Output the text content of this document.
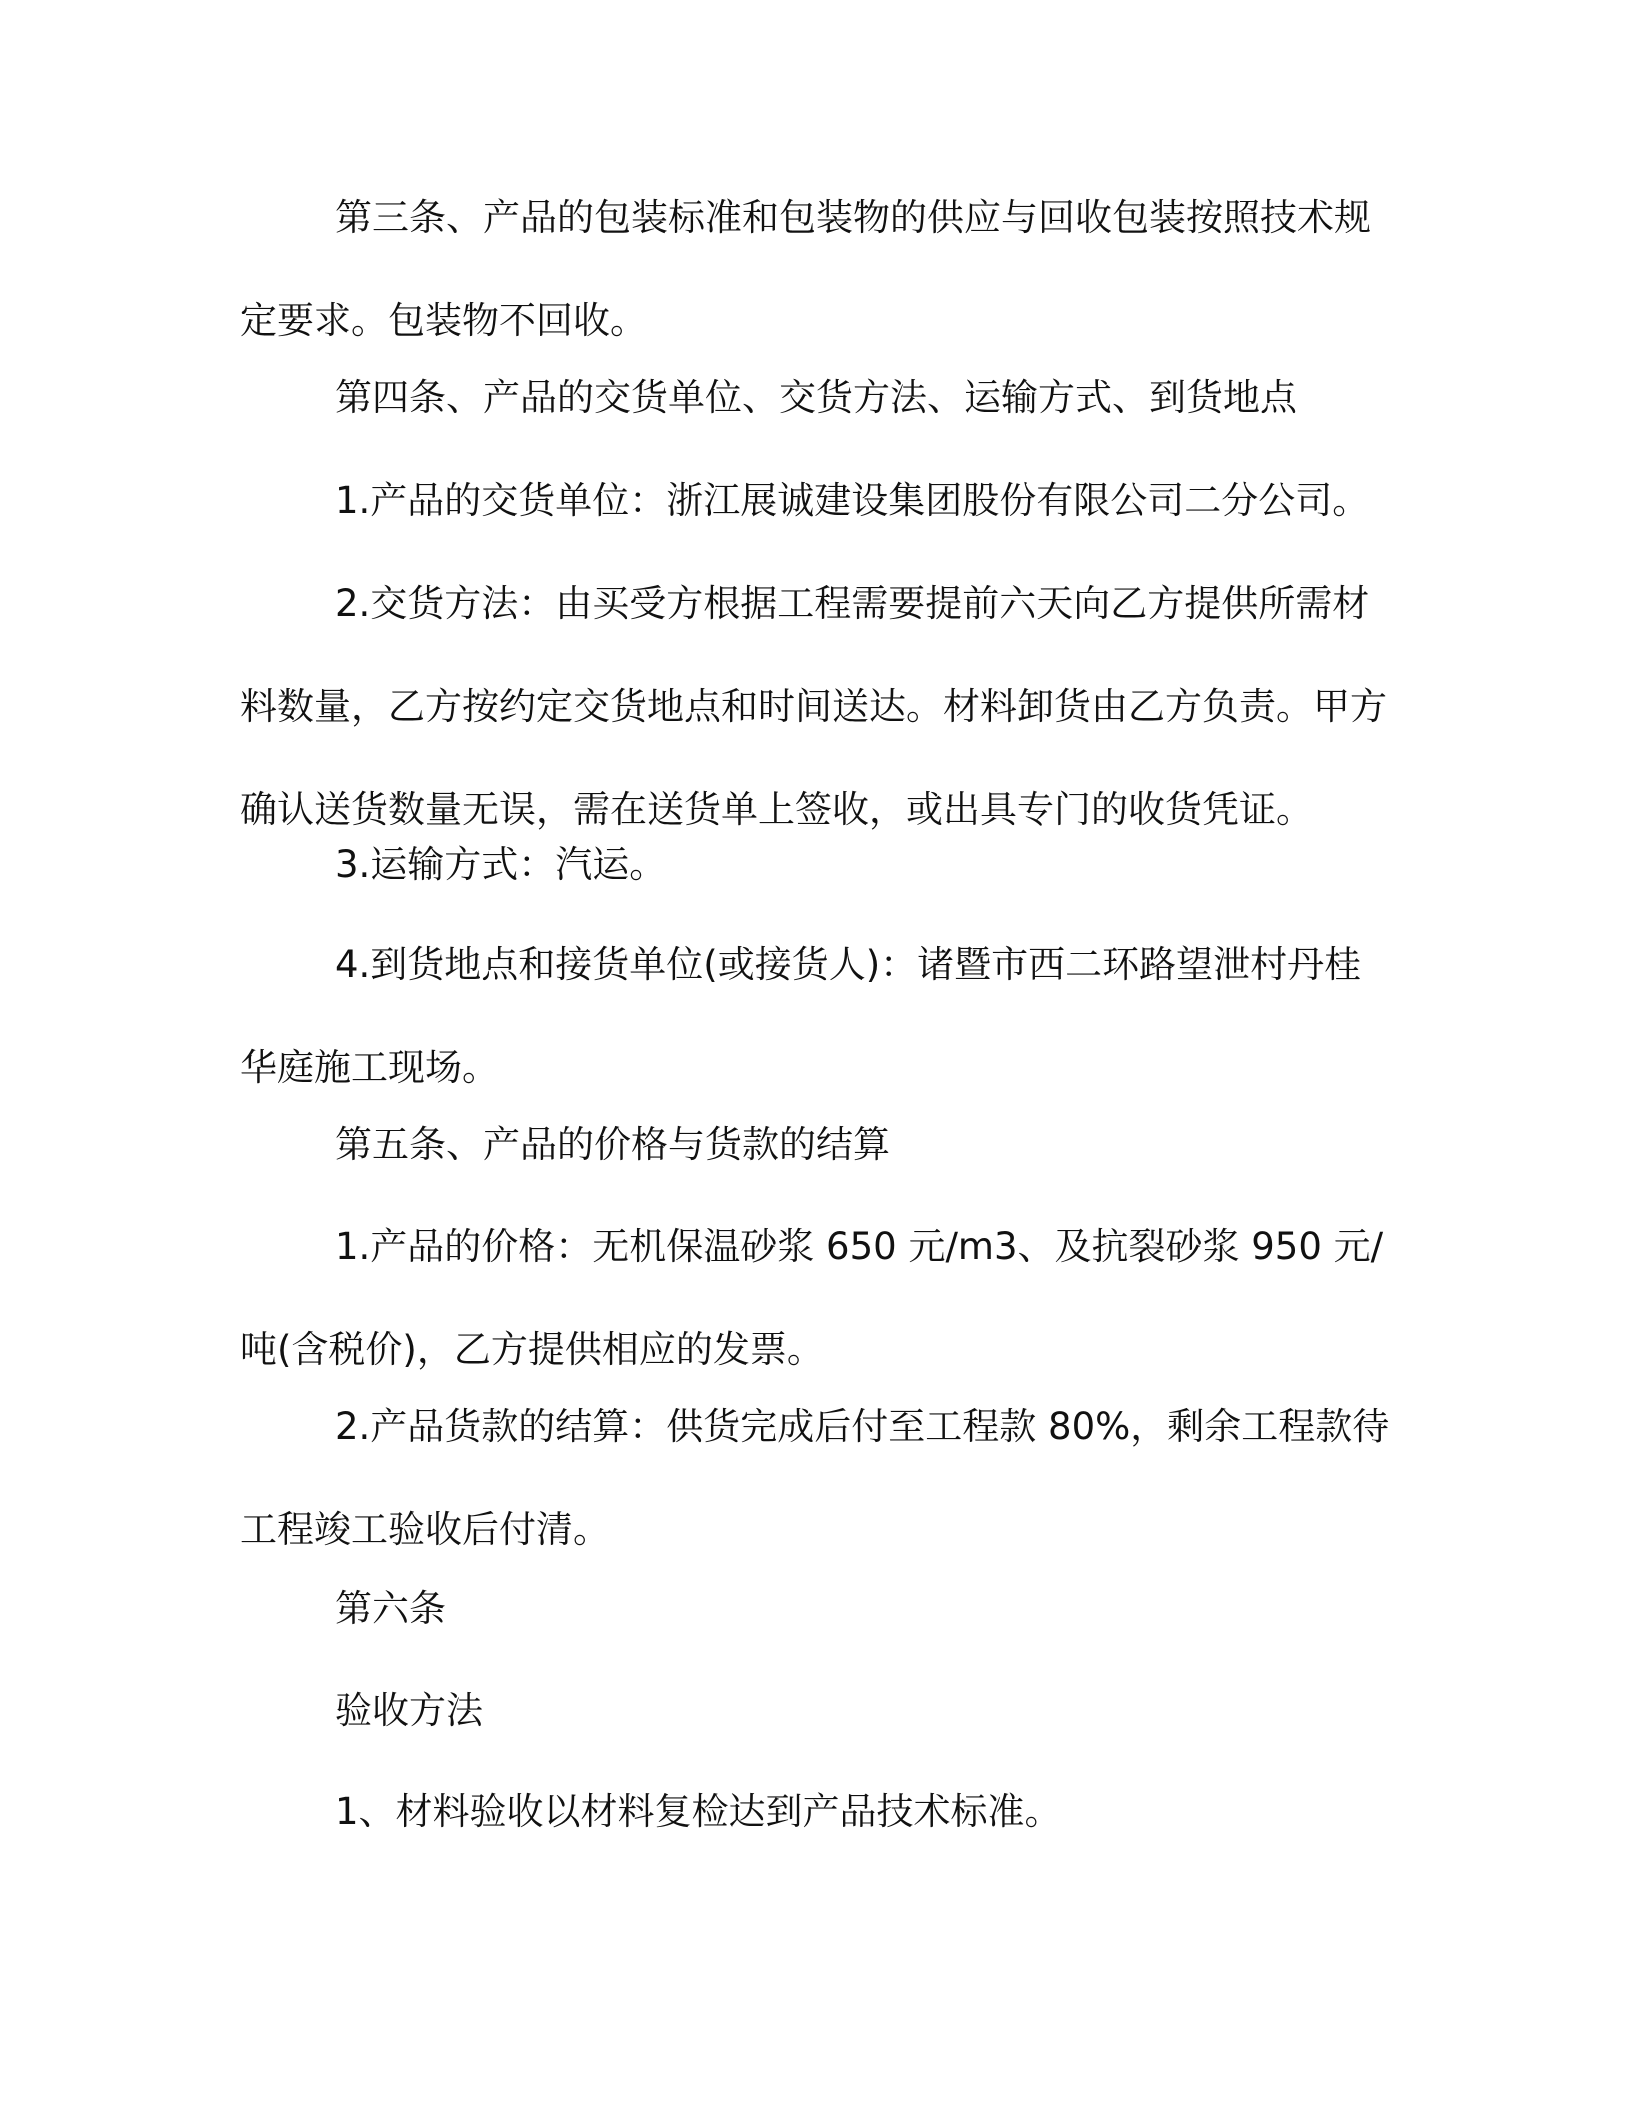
第三条、产品的包装标准和包装物的供应与回收包装按照技术规定要求。包装物不回收。

第四条、产品的交货单位、交货方法、运输方式、到货地点

1.产品的交货单位：浙江展诚建设集团股份有限公司二分公司。

2.交货方法：由买受方根据工程需要提前六天向乙方提供所需材料数量，乙方按约定交货地点和时间送达。材料卸货由乙方负责。甲方确认送货数量无误，需在送货单上签收，或出具专门的收货凭证。

3.运输方式：汽运。

4.到货地点和接货单位(或接货人)：诸暨市西二环路望泄村丹桂华庭施工现场。

第五条、产品的价格与货款的结算

1.产品的价格：无机保温砂浆 650 元/m3、及抗裂砂浆 950 元/吨(含税价)，乙方提供相应的发票。

2.产品货款的结算：供货完成后付至工程款 80%，剩余工程款待工程竣工验收后付清。

第六条

验收方法

1、材料验收以材料复检达到产品技术标准。
